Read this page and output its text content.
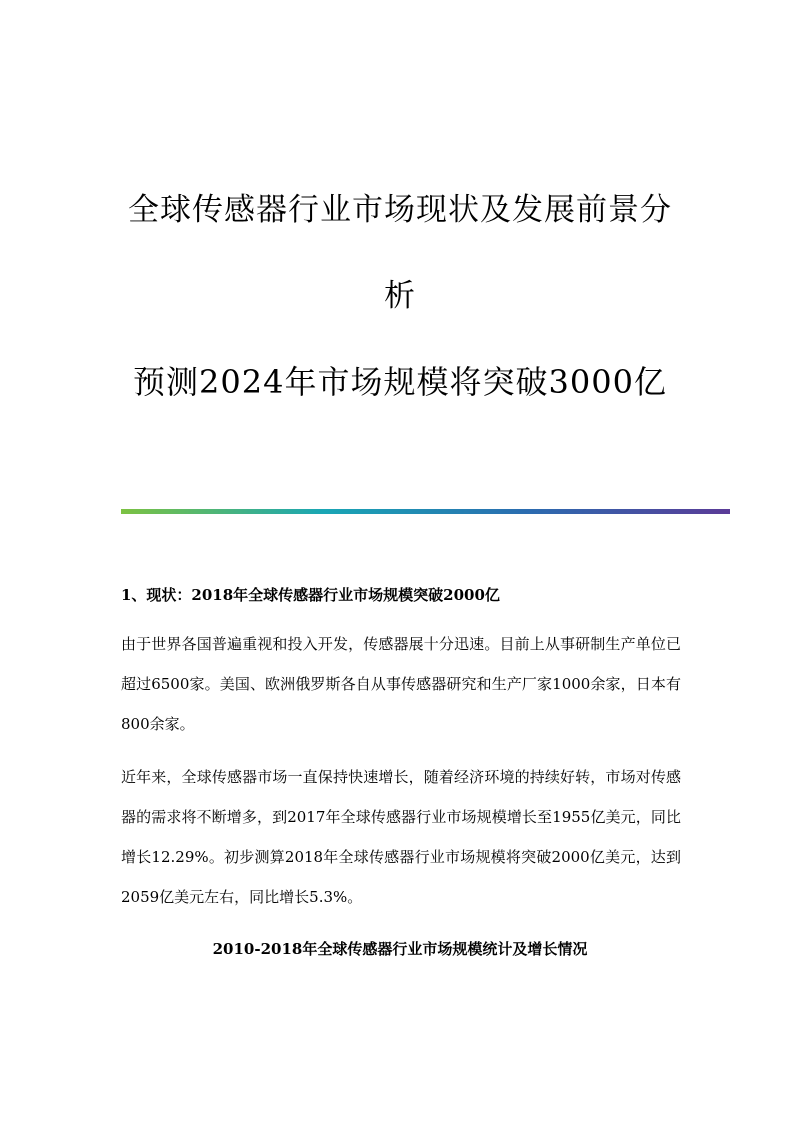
全球传感器行业市场现状及发展前景分
析
预测2024年市场规模将突破3000亿
1、现状：2018年全球传感器行业市场规模突破2000亿

由于世界各国普遍重视和投入开发，传感器展十分迅速。目前上从事研制生产单位已超过6500家。美国、欧洲俄罗斯各自从事传感器研究和生产厂家1000余家，日本有800余家。

近年来，全球传感器市场一直保持快速增长，随着经济环境的持续好转，市场对传感器的需求将不断增多，到2017年全球传感器行业市场规模增长至1955亿美元，同比增长12.29%。初步测算2018年全球传感器行业市场规模将突破2000亿美元，达到2059亿美元左右，同比增长5.3%。

2010-2018年全球传感器行业市场规模统计及增长情况
